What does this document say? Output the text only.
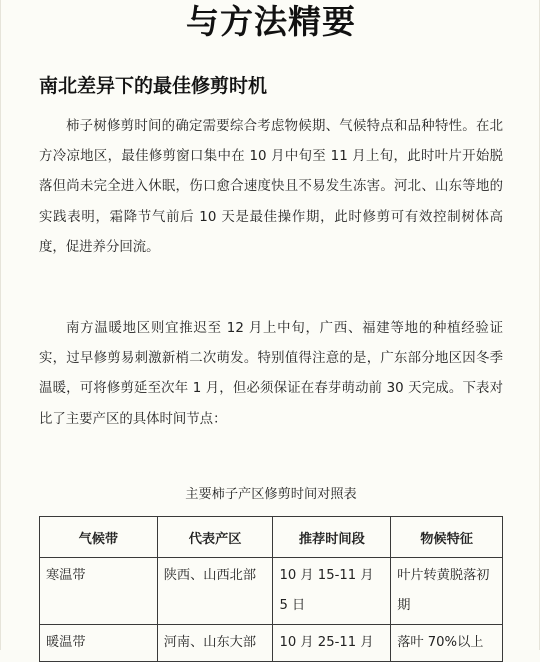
与方法精要
南北差异下的最佳修剪时机

柿子树修剪时间的确定需要综合考虑物候期、气候特点和品种特性。在北方冷凉地区，最佳修剪窗口集中在 10 月中旬至 11 月上旬，此时叶片开始脱落但尚未完全进入休眠，伤口愈合速度快且不易发生冻害。河北、山东等地的实践表明，霜降节气前后 10 天是最佳操作期，此时修剪可有效控制树体高度，促进养分回流。

南方温暖地区则宜推迟至 12 月上中旬，广西、福建等地的种植经验证实，过早修剪易刺激新梢二次萌发。特别值得注意的是，广东部分地区因冬季温暖，可将修剪延至次年 1 月，但必须保证在春芽萌动前 30 天完成。下表对比了主要产区的具体时间节点：

主要柿子产区修剪时间对照表
气候带	代表产区	推荐时间段	物候特征
寒温带	陕西、山西北部	10 月 15-11 月 5 日	叶片转黄脱落初期
暖温带	河南、山东大部	10 月 25-11 月	落叶 70%以上
